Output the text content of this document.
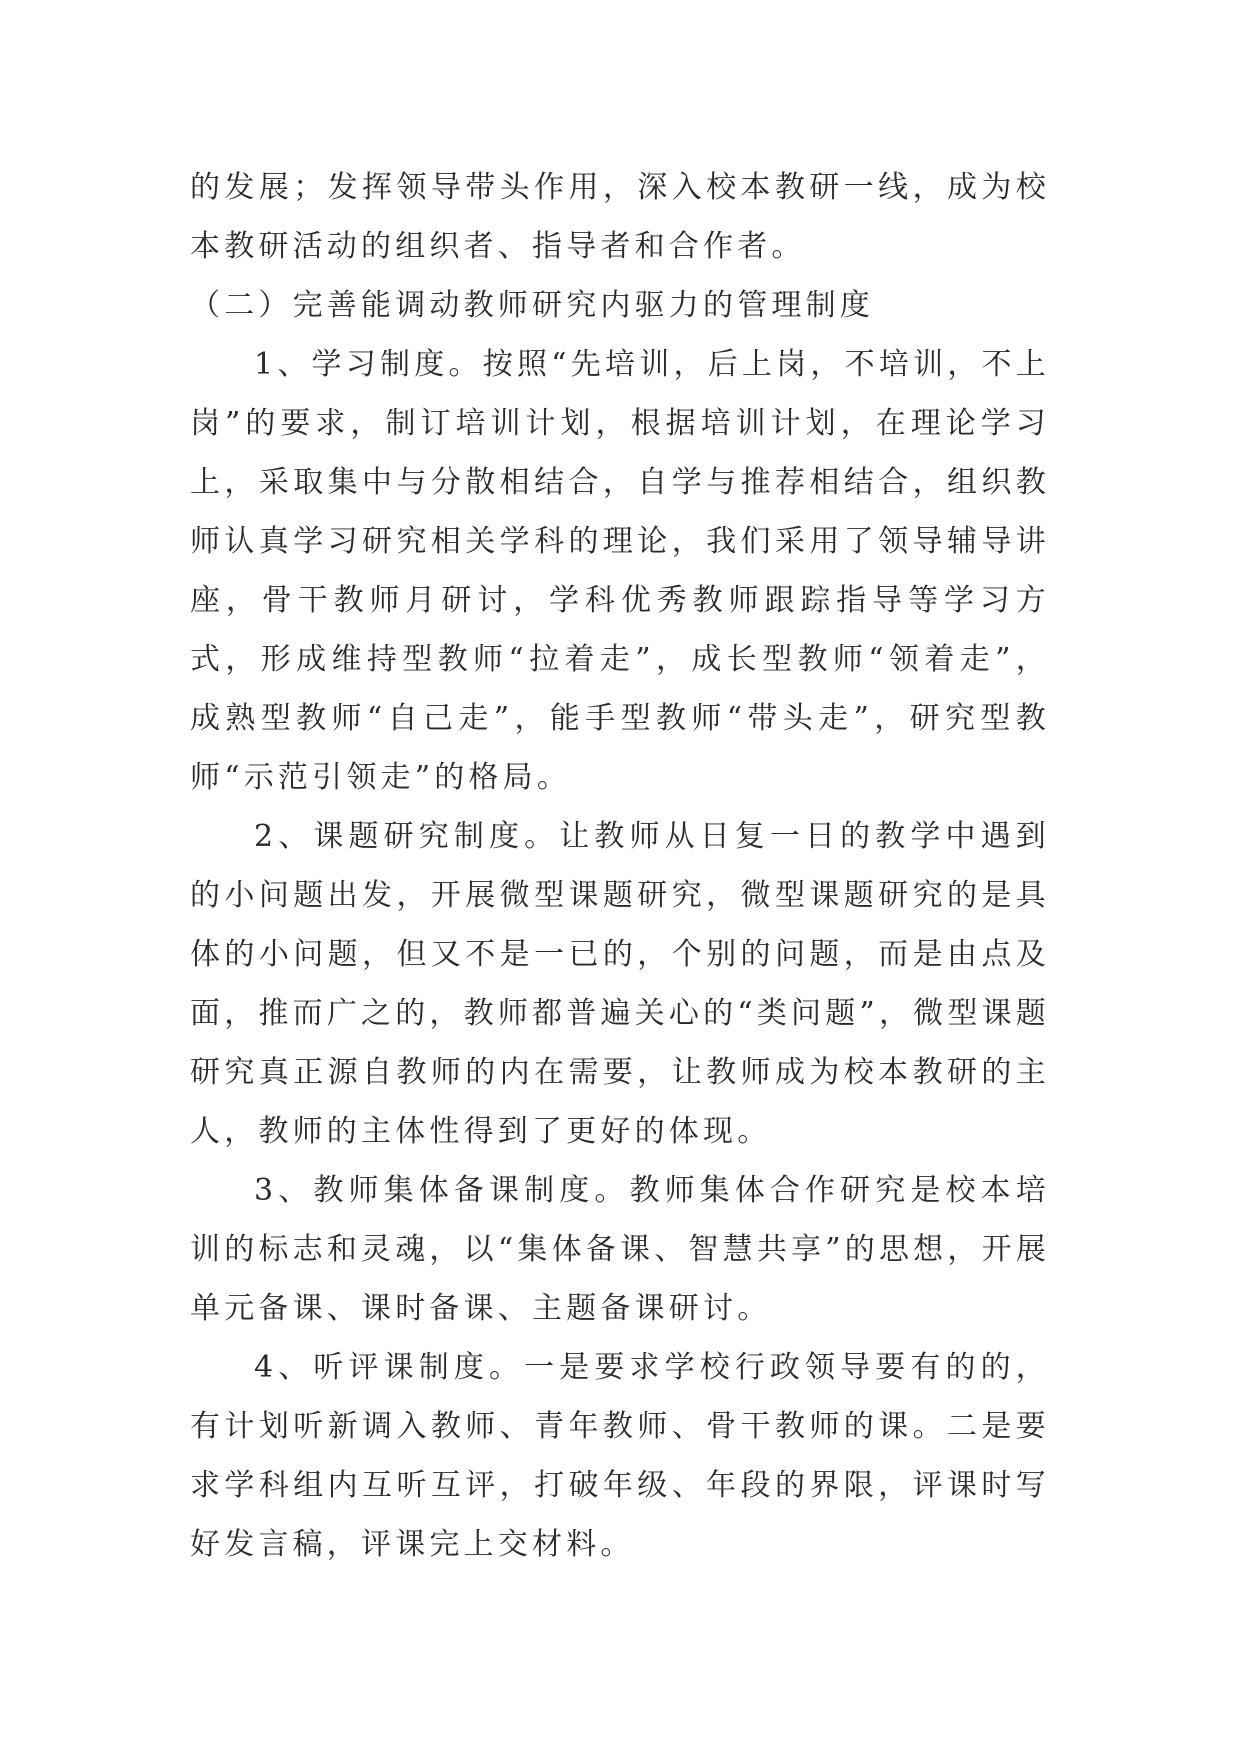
的发展；发挥领导带头作用，深入校本教研一线，成为校本教研活动的组织者、指导者和合作者。

（二）完善能调动教师研究内驱力的管理制度

1、学习制度。按照“先培训，后上岗，不培训，不上岗”的要求，制订培训计划，根据培训计划，在理论学习上，采取集中与分散相结合，自学与推荐相结合，组织教师认真学习研究相关学科的理论，我们采用了领导辅导讲座，骨干教师月研讨，学科优秀教师跟踪指导等学习方式，形成维持型教师“拉着走”，成长型教师“领着走”，成熟型教师“自己走”，能手型教师“带头走”，研究型教师“示范引领走”的格局。

2、课题研究制度。让教师从日复一日的教学中遇到的小问题出发，开展微型课题研究，微型课题研究的是具体的小问题，但又不是一已的，个别的问题，而是由点及面，推而广之的，教师都普遍关心的“类问题”，微型课题研究真正源自教师的内在需要，让教师成为校本教研的主人，教师的主体性得到了更好的体现。

3、教师集体备课制度。教师集体合作研究是校本培训的标志和灵魂，以“集体备课、智慧共享”的思想，开展单元备课、课时备课、主题备课研讨。

4、听评课制度。一是要求学校行政领导要有的的，有计划听新调入教师、青年教师、骨干教师的课。二是要求学科组内互听互评，打破年级、年段的界限，评课时写好发言稿，评课完上交材料。
